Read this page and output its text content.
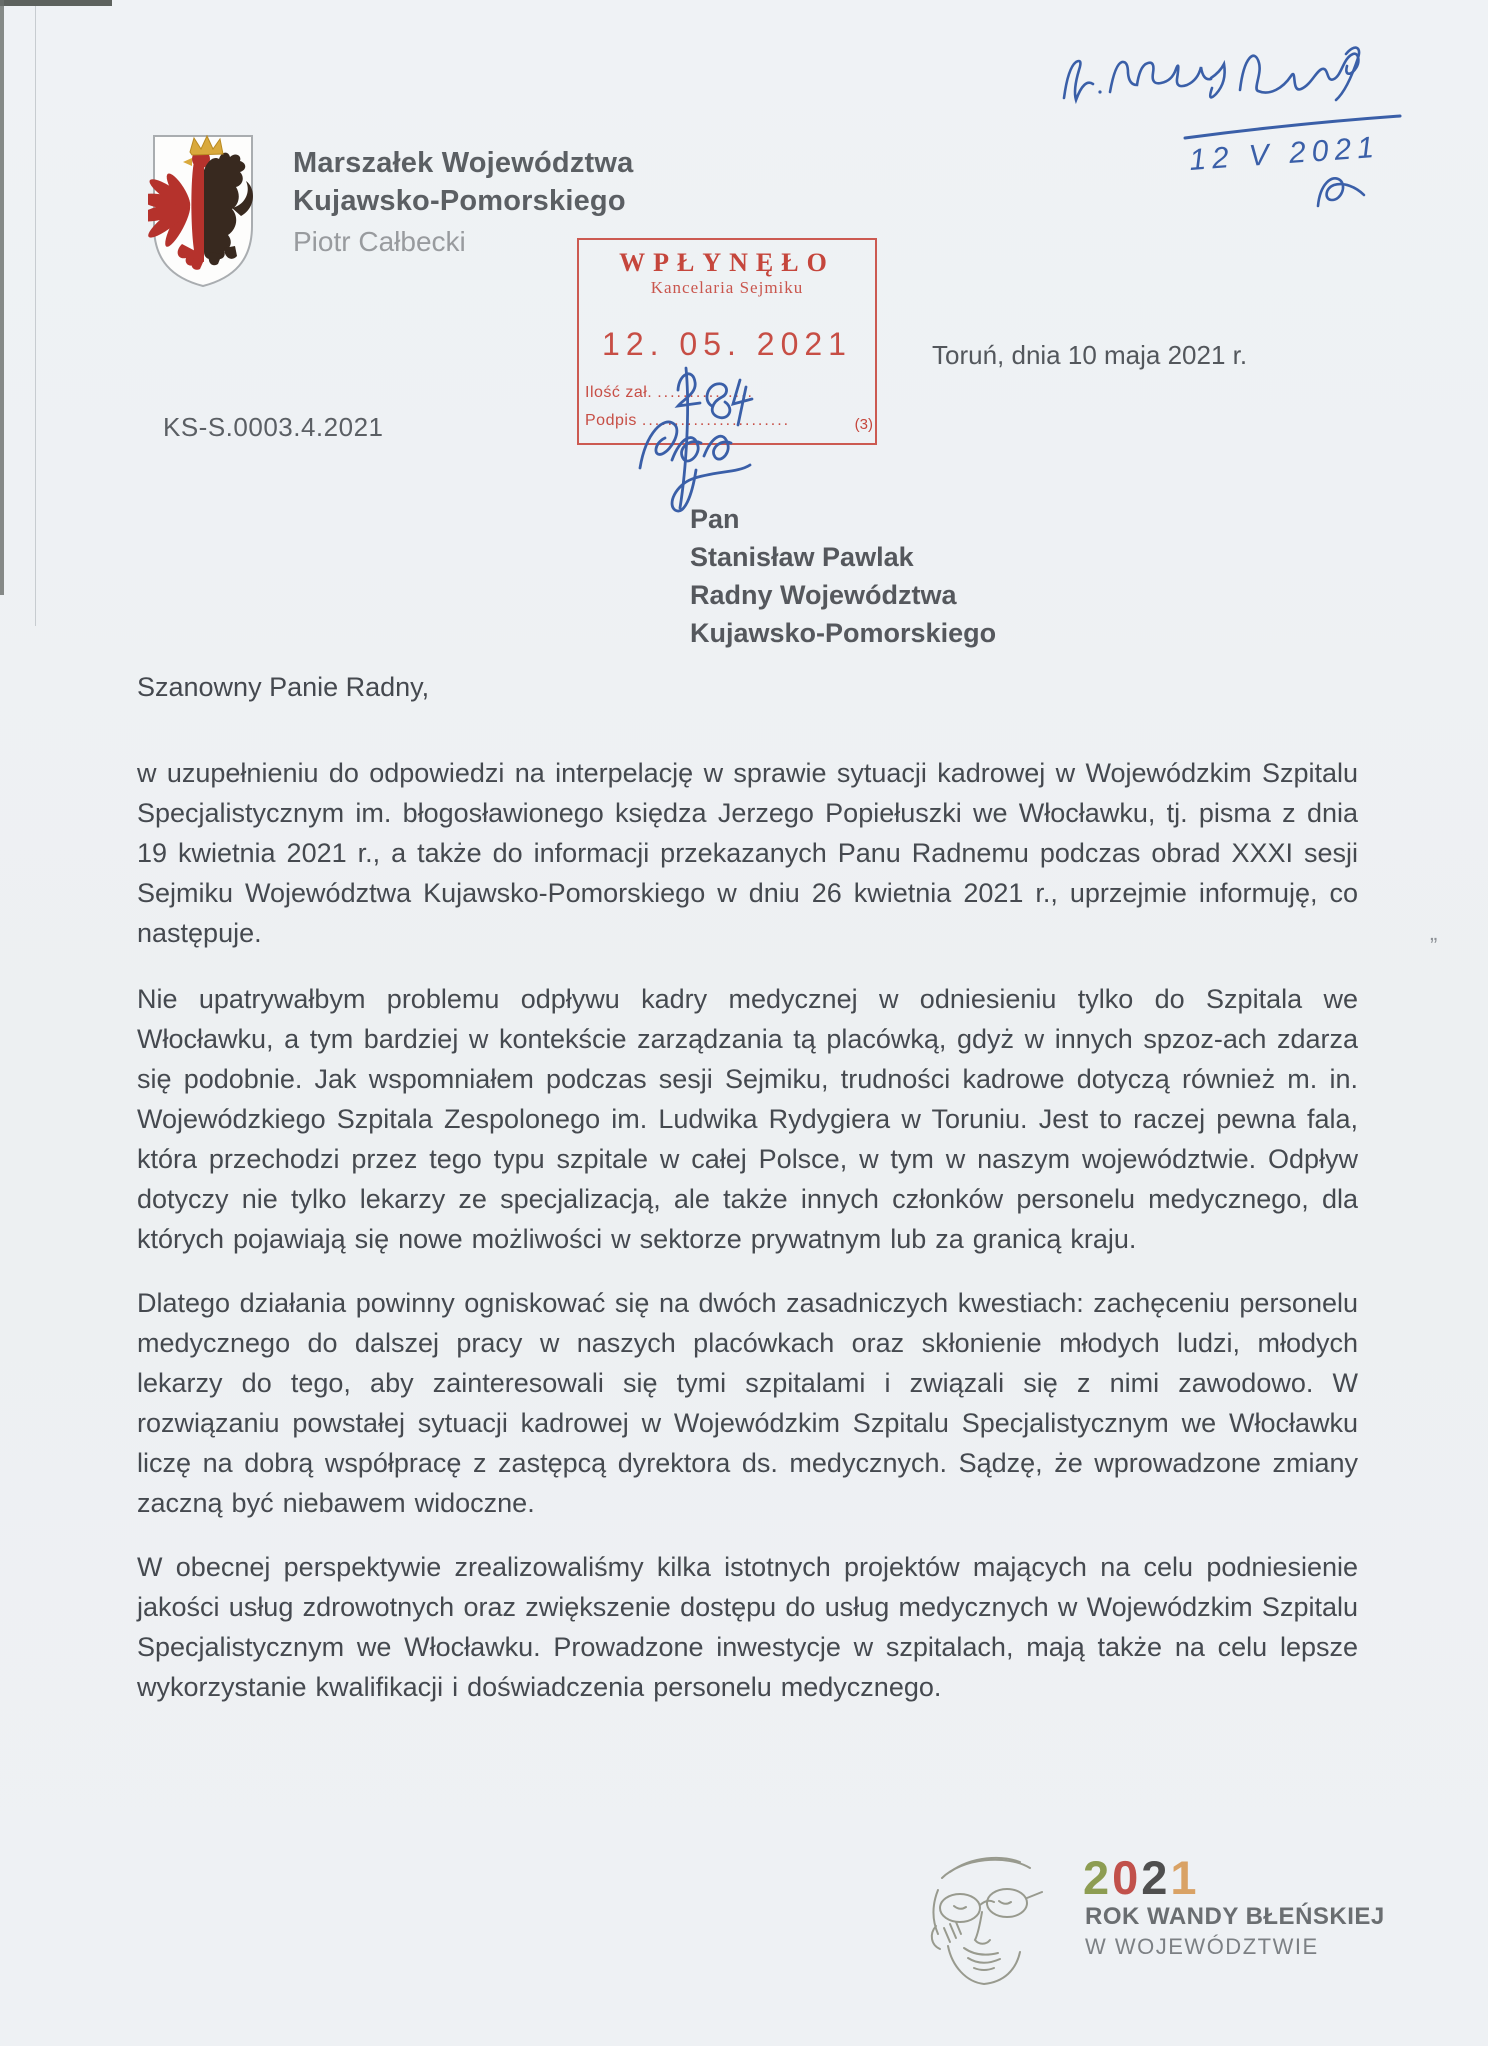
„
Marszałek Województwa
Kujawsko-Pomorskiego
Piotr Całbecki
12 V 2021
WPŁYNĘŁO
Kancelaria Sejmiku
12. 05. 2021
Ilość zał. ...............
Podpis .......................	(3)
Toruń, dnia 10 maja 2021 r.
KS-S.0003.4.2021
Pan
Stanisław Pawlak
Radny Województwa
Kujawsko-Pomorskiego
Szanowny Panie Radny,

w uzupełnieniu do odpowiedzi na interpelację w sprawie sytuacji kadrowej w Wojewódzkim Szpitalu Specjalistycznym im. błogosławionego księdza Jerzego Popiełuszki we Włocławku, tj. pisma z dnia 19 kwietnia 2021 r., a także do informacji przekazanych Panu Radnemu podczas obrad XXXI sesji Sejmiku Województwa Kujawsko-Pomorskiego w dniu 26 kwietnia 2021 r., uprzejmie informuję, co następuje.

Nie upatrywałbym problemu odpływu kadry medycznej w odniesieniu tylko do Szpitala we Włocławku, a tym bardziej w kontekście zarządzania tą placówką, gdyż w innych spzoz-ach zdarza się podobnie. Jak wspomniałem podczas sesji Sejmiku, trudności kadrowe dotyczą również m. in. Wojewódzkiego Szpitala Zespolonego im. Ludwika Rydygiera w Toruniu. Jest to raczej pewna fala, która przechodzi przez tego typu szpitale w całej Polsce, w tym w naszym województwie. Odpływ dotyczy nie tylko lekarzy ze specjalizacją, ale także innych członków personelu medycznego, dla których pojawiają się nowe możliwości w sektorze prywatnym lub za granicą kraju.

Dlatego działania powinny ogniskować się na dwóch zasadniczych kwestiach: zachęceniu personelu medycznego do dalszej pracy w naszych placówkach oraz skłonienie młodych ludzi, młodych lekarzy do tego, aby zainteresowali się tymi szpitalami i związali się z nimi zawodowo. W rozwiązaniu powstałej sytuacji kadrowej w Wojewódzkim Szpitalu Specjalistycznym we Włocławku liczę na dobrą współpracę z zastępcą dyrektora ds. medycznych. Sądzę, że wprowadzone zmiany zaczną być niebawem widoczne.

W obecnej perspektywie zrealizowaliśmy kilka istotnych projektów mających na celu podniesienie jakości usług zdrowotnych oraz zwiększenie dostępu do usług medycznych w Wojewódzkim Szpitalu Specjalistycznym we Włocławku. Prowadzone inwestycje w szpitalach, mają także na celu lepsze wykorzystanie kwalifikacji i doświadczenia personelu medycznego.

2021
ROK WANDY BŁEŃSKIEJ
W WOJEWÓDZTWIE
